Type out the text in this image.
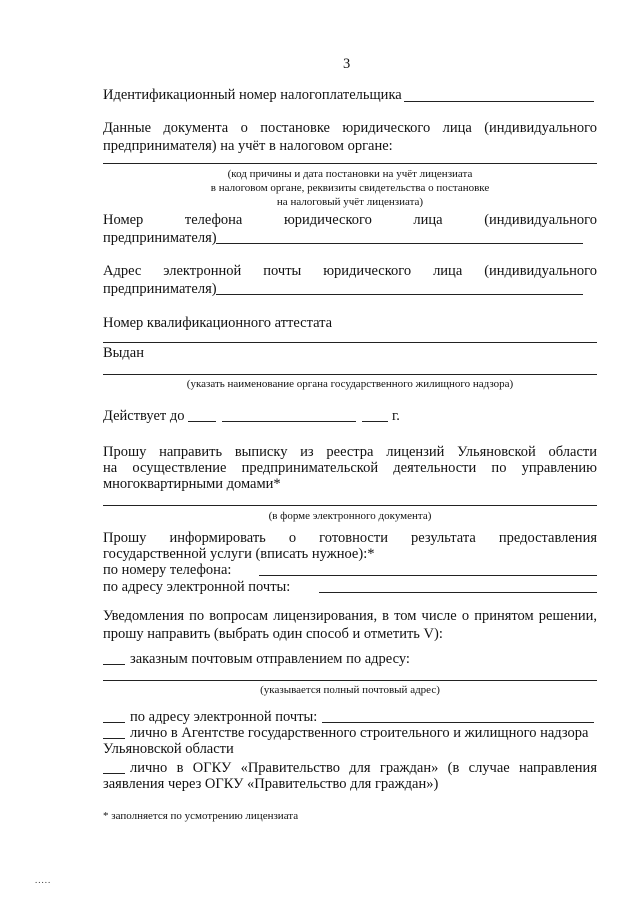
3
Идентификационный номер налогоплательщика
Данные документа о постановке юридического лица (индивидуального
предпринимателя) на учёт в налоговом органе:
(код причины и дата постановки на учёт лицензиата
в налоговом органе, реквизиты свидетельства о постановке
на налоговый учёт лицензиата)
Номер телефона юридического лица (индивидуального
предпринимателя)
Адрес электронной почты юридического лица (индивидуального
предпринимателя)
Номер квалификационного аттестата
Выдан
(указать наименование органа государственного жилищного надзора)
Действует до	г.
Прошу направить выписку из реестра лицензий Ульяновской области
на осуществление предпринимательской деятельности по управлению
многоквартирными домами*
(в форме электронного документа)
Прошу информировать о готовности результата предоставления
государственной услуги (вписать нужное):*
по номеру телефона:
по адресу электронной почты:
Уведомления по вопросам лицензирования, в том числе о принятом решении,
прошу направить (выбрать один способ и отметить V):
заказным почтовым отправлением по адресу:
(указывается полный почтовый адрес)
по адресу электронной почты:
лично в Агентстве государственного строительного и жилищного надзора
Ульяновской области
лично в ОГКУ «Правительство для граждан» (в случае направления
заявления через ОГКУ «Правительство для граждан»)
* заполняется по усмотрению лицензиата
.....
